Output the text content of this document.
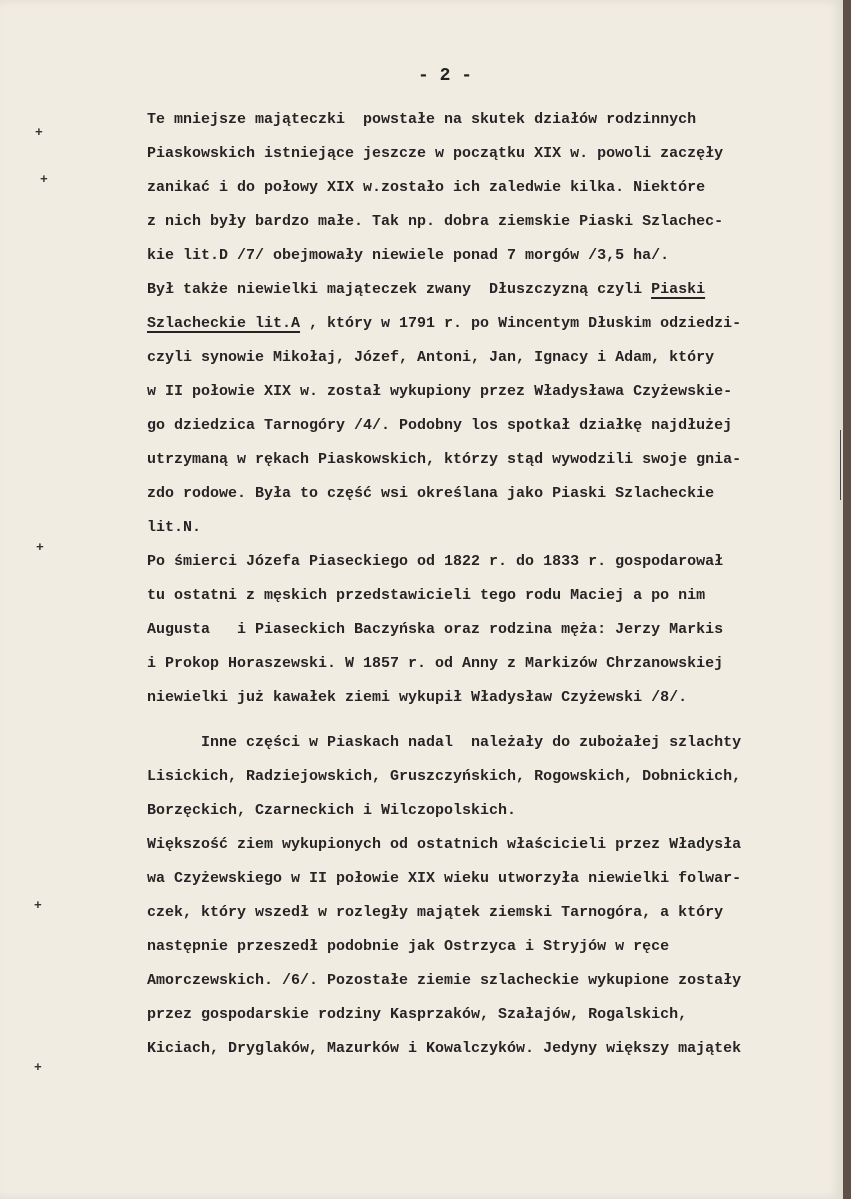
- 2 -
+
+
+
+
+
Te mniejsze mająteczki  powstałe na skutek działów rodzinnych
Piaskowskich istniejące jeszcze w początku XIX w. powoli zaczęły
zanikać i do połowy XIX w.zostało ich zaledwie kilka. Niektóre
z nich były bardzo małe. Tak np. dobra ziemskie Piaski Szlachec-
kie lit.D /7/ obejmowały niewiele ponad 7 morgów /3,5 ha/.
Był także niewielki mająteczek zwany  Dłuszczyzną czyli Piaski
Szlacheckie lit.A , który w 1791 r. po Wincentym Dłuskim odziedzi-
czyli synowie Mikołaj, Józef, Antoni, Jan, Ignacy i Adam, który
w II połowie XIX w. został wykupiony przez Władysława Czyżewskie-
go dziedzica Tarnogóry /4/. Podobny los spotkał działkę najdłużej
utrzymaną w rękach Piaskowskich, którzy stąd wywodzili swoje gnia-
zdo rodowe. Była to część wsi określana jako Piaski Szlacheckie
lit.N.
Po śmierci Józefa Piaseckiego od 1822 r. do 1833 r. gospodarował
tu ostatni z męskich przedstawicieli tego rodu Maciej a po nim
Augusta   i Piaseckich Baczyńska oraz rodzina męża: Jerzy Markis
i Prokop Horaszewski. W 1857 r. od Anny z Markizów Chrzanowskiej
niewielki już kawałek ziemi wykupił Władysław Czyżewski /8/.
Inne części w Piaskach nadal  należały do zubożałej szlachty
Lisickich, Radziejowskich, Gruszczyńskich, Rogowskich, Dobnickich,
Borzęckich, Czarneckich i Wilczopolskich.
Większość ziem wykupionych od ostatnich właścicieli przez Władysła
wa Czyżewskiego w II połowie XIX wieku utworzyła niewielki folwar-
czek, który wszedł w rozległy majątek ziemski Tarnogóra, a który
następnie przeszedł podobnie jak Ostrzyca i Stryjów w ręce
Amorczewskich. /6/. Pozostałe ziemie szlacheckie wykupione zostały
przez gospodarskie rodziny Kasprzaków, Szałajów, Rogalskich,
Kiciach, Dryglaków, Mazurków i Kowalczyków. Jedyny większy majątek
